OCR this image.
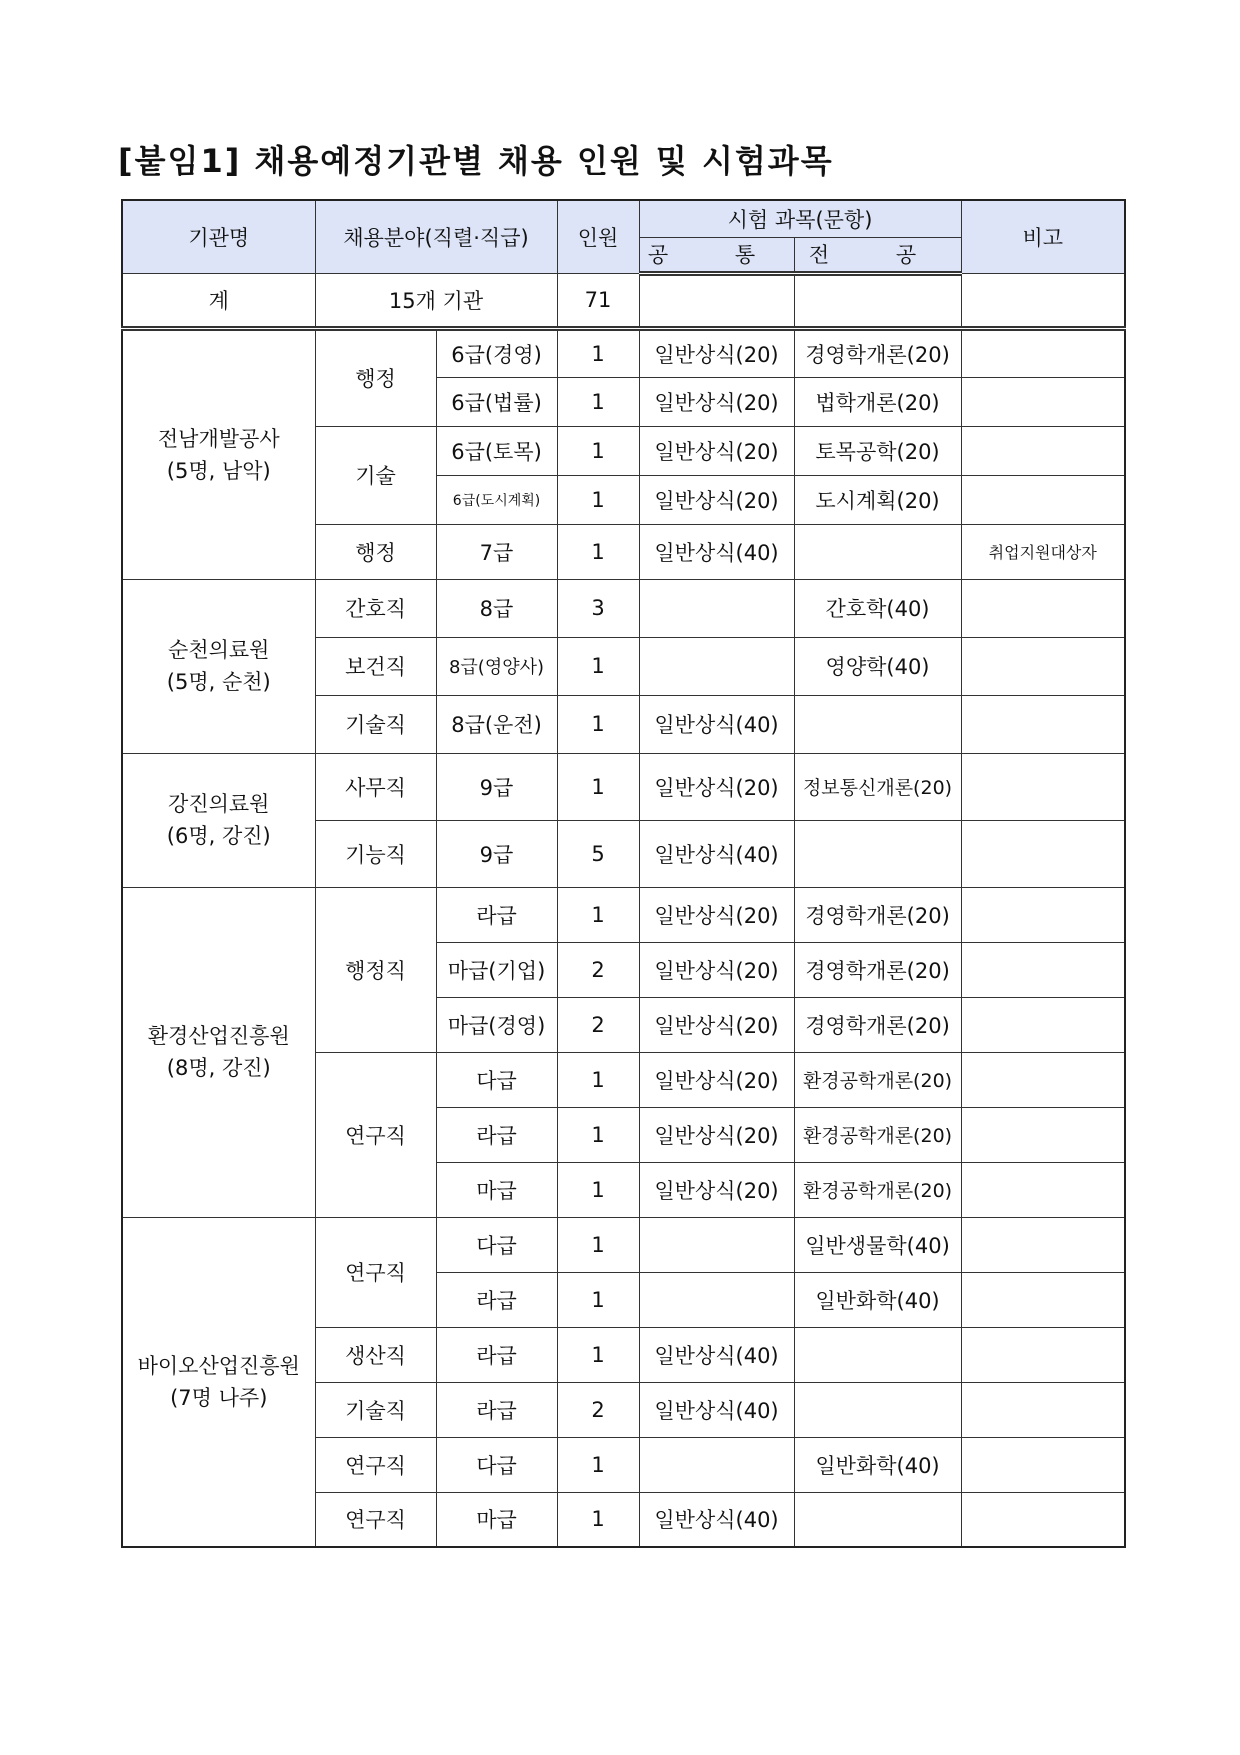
[붙임1] 채용예정기관별 채용 인원 및 시험과목
기관명	채용분야(직렬·직급)		인원	시험 과목(문항)		비고
				공 통	전 공	
계	15개 기관		71			

전남개발공사
(5명, 남악)	행정	6급(경영)	1	일반상식(20)	경영학개론(20)	
		6급(법률)	1	일반상식(20)	법학개론(20)	
	기술	6급(토목)	1	일반상식(20)	토목공학(20)	
		6급(도시계획)	1	일반상식(20)	도시계획(20)	
	행정	7급	1	일반상식(40)		취업지원대상자

순천의료원
(5명, 순천)	간호직	8급	3		간호학(40)	
	보건직	8급(영양사)	1		영양학(40)	
	기술직	8급(운전)	1	일반상식(40)		

강진의료원
(6명, 강진)	사무직	9급	1	일반상식(20)	정보통신개론(20)	
	기능직	9급	5	일반상식(40)		

환경산업진흥원
(8명, 강진)	행정직	라급	1	일반상식(20)	경영학개론(20)	
		마급(기업)	2	일반상식(20)	경영학개론(20)	
		마급(경영)	2	일반상식(20)	경영학개론(20)	
	연구직	다급	1	일반상식(20)	환경공학개론(20)	
		라급	1	일반상식(20)	환경공학개론(20)	
		마급	1	일반상식(20)	환경공학개론(20)	

바이오산업진흥원
(7명 나주)	연구직	다급	1		일반생물학(40)	
		라급	1		일반화학(40)	
	생산직	라급	1	일반상식(40)		
	기술직	라급	2	일반상식(40)		
	연구직	다급	1		일반화학(40)	
	연구직	마급	1	일반상식(40)		
